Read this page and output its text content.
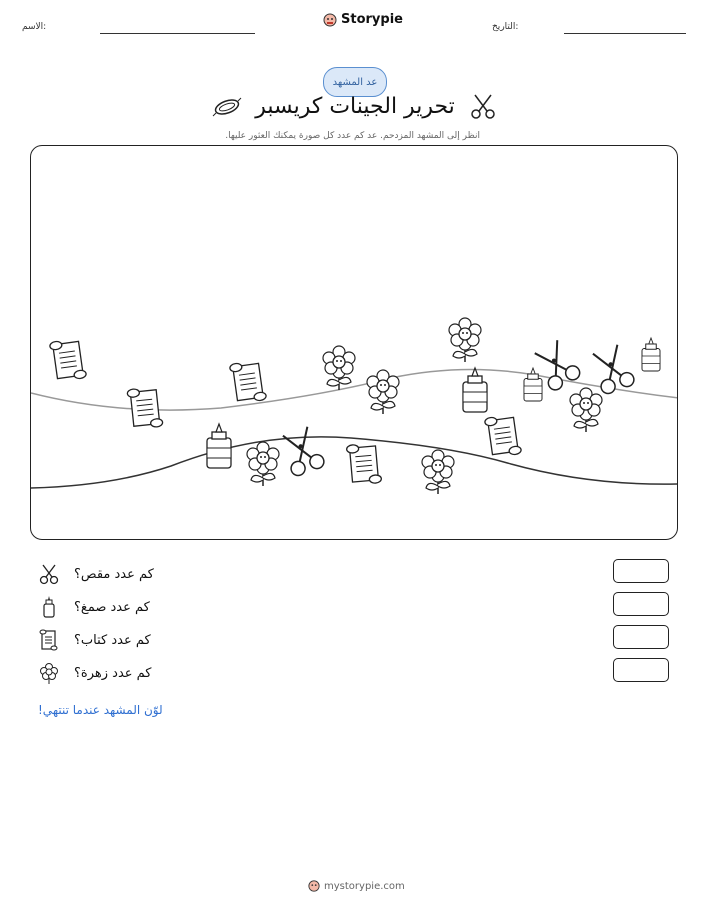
الاسم:	Storypie	التاريخ:
عد المشهد
تحرير الجينات كريسبر
انظر إلى المشهد المزدحم. عد كم عدد كل صورة يمكنك العثور عليها.
كم عدد مقص؟
كم عدد صمغ؟
كم عدد كتاب؟
كم عدد زهرة؟
لوّن المشهد عندما تنتهي!
mystorypie.com
